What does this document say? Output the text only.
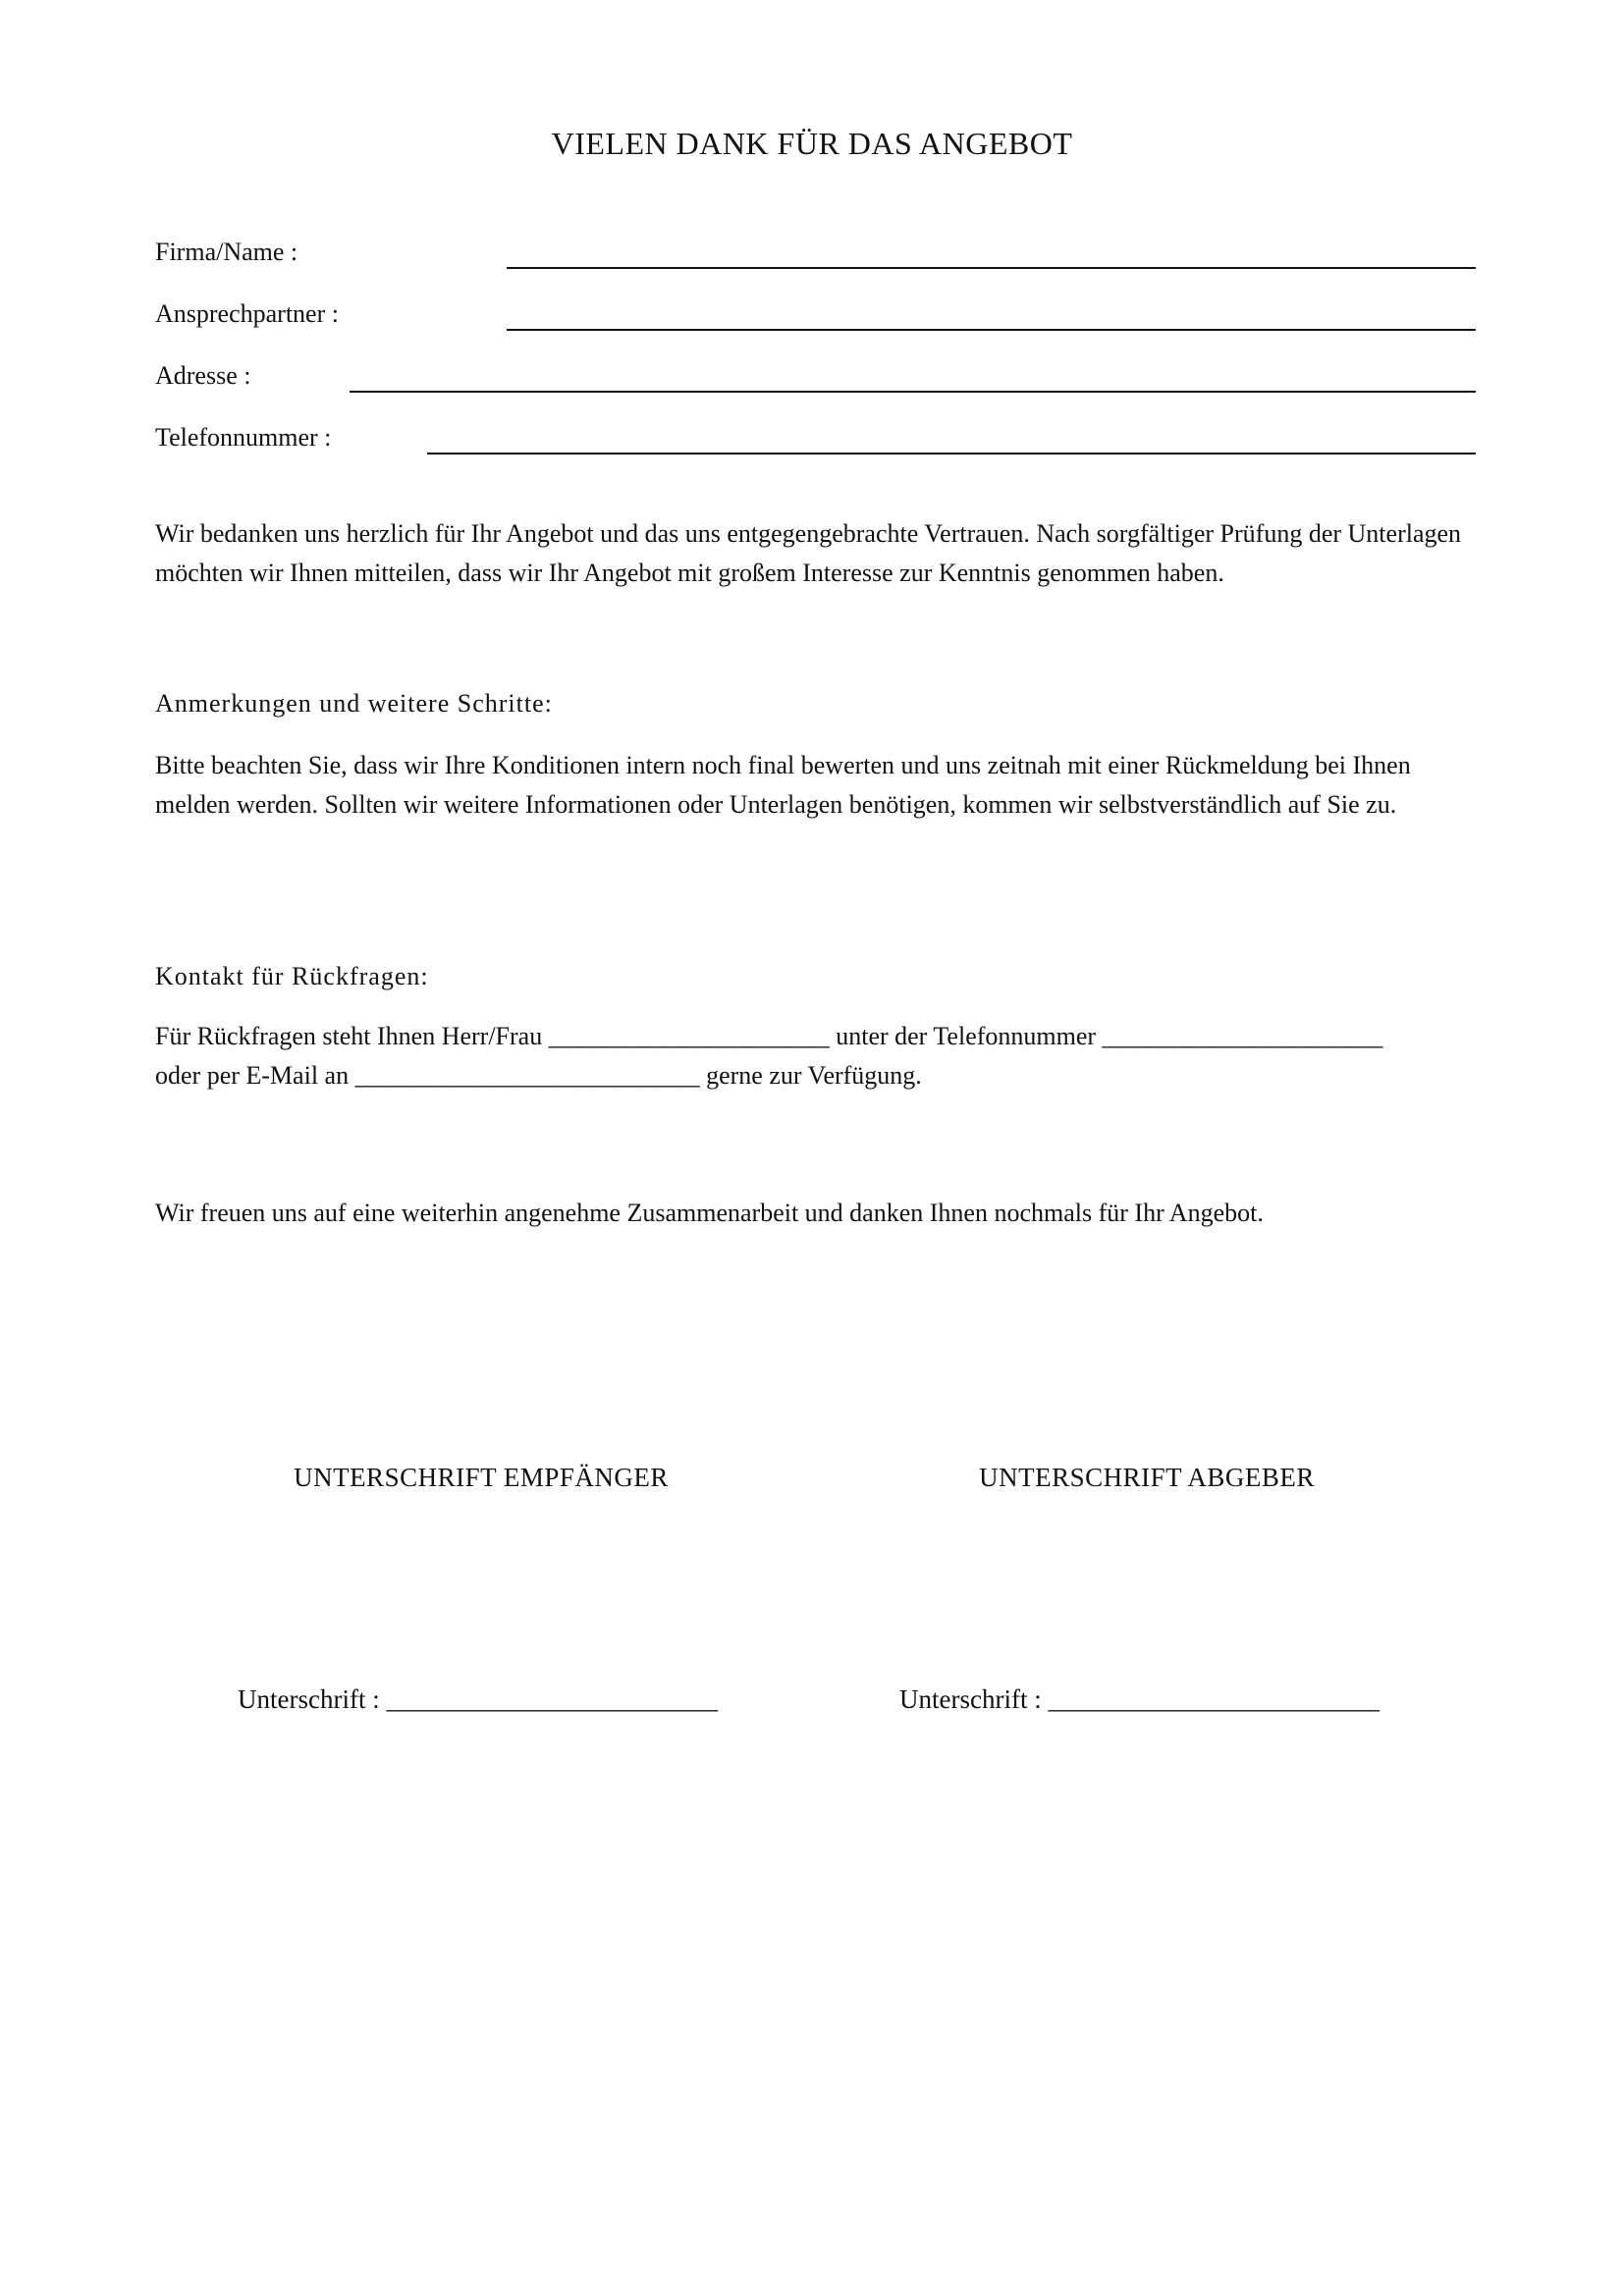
VIELEN DANK FÜR DAS ANGEBOT
Firma/Name :
Ansprechpartner :
Adresse :
Telefonnummer :

Wir bedanken uns herzlich für Ihr Angebot und das uns entgegengebrachte Vertrauen. Nach sorgfältiger Prüfung der Unterlagen möchten wir Ihnen mitteilen, dass wir Ihr Angebot mit großem Interesse zur Kenntnis genommen haben.

Anmerkungen und weitere Schritte:

Bitte beachten Sie, dass wir Ihre Konditionen intern noch final bewerten und uns zeitnah mit einer Rückmeldung bei Ihnen melden werden. Sollten wir weitere Informationen oder Unterlagen benötigen, kommen wir selbstverständlich auf Sie zu.

Kontakt für Rückfragen:
Für Rückfragen steht Ihnen Herr/Frau ______________________ unter der Telefonnummer ______________________
oder per E-Mail an ___________________________ gerne zur Verfügung.

Wir freuen uns auf eine weiterhin angenehme Zusammenarbeit und danken Ihnen nochmals für Ihr Angebot.

UNTERSCHRIFT EMPFÄNGER	UNTERSCHRIFT ABGEBER
Unterschrift : _________________________	Unterschrift : _________________________
